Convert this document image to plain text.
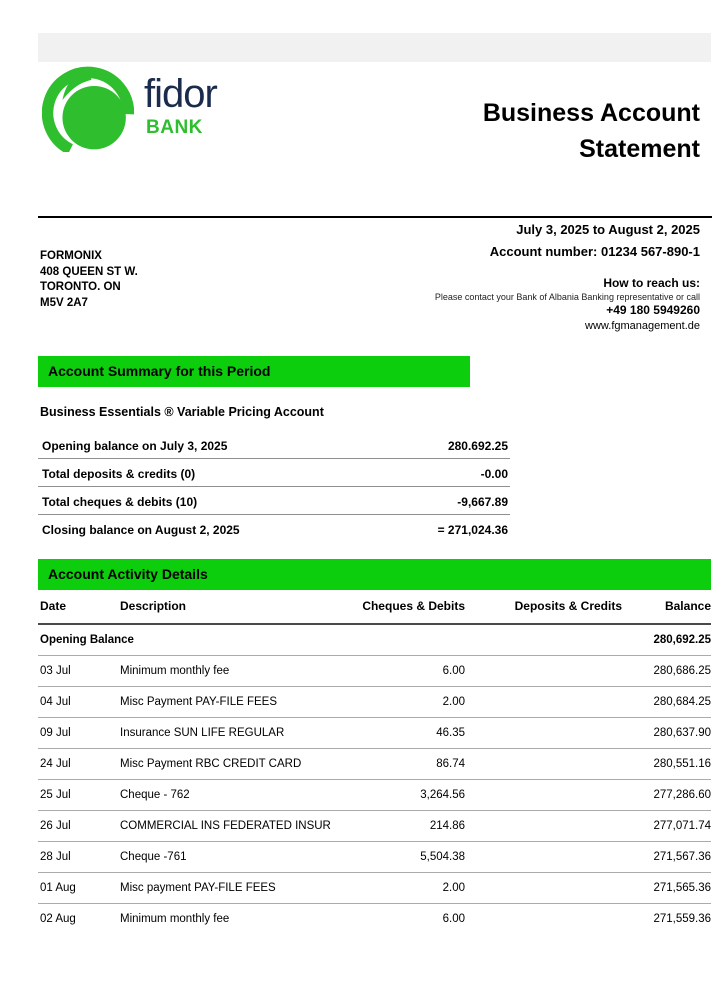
fidor
BANK
Business Account
Statement
July 3, 2025 to August 2, 2025
Account number: 01234 567-890-1
FORMONIX
408 QUEEN ST W.
TORONTO. ON
M5V 2A7
How to reach us:
Please contact your Bank of Albania Banking representative or call
+49 180 5949260
www.fgmanagement.de
Account Summary for this Period
Business Essentials ® Variable Pricing Account
Opening balance on July 3, 2025	280.692.25
Total deposits & credits (0)	-0.00
Total cheques & debits (10)	-9,667.89
Closing balance on August 2, 2025	= 271,024.36
Account Activity Details
Date	Description	Cheques & Debits	Deposits & Credits	Balance
Opening Balance				280,692.25
03 Jul	Minimum monthly fee	6.00		280,686.25
04 Jul	Misc Payment PAY-FILE FEES	2.00		280,684.25
09 Jul	Insurance SUN LIFE REGULAR	46.35		280,637.90
24 Jul	Misc Payment RBC CREDIT CARD	86.74		280,551.16
25 Jul	Cheque - 762	3,264.56		277,286.60
26 Jul	COMMERCIAL INS FEDERATED INSUR	214.86		277,071.74
28 Jul	Cheque -761	5,504.38		271,567.36
01 Aug	Misc payment PAY-FILE FEES	2.00		271,565.36
02 Aug	Minimum monthly fee	6.00		271,559.36
